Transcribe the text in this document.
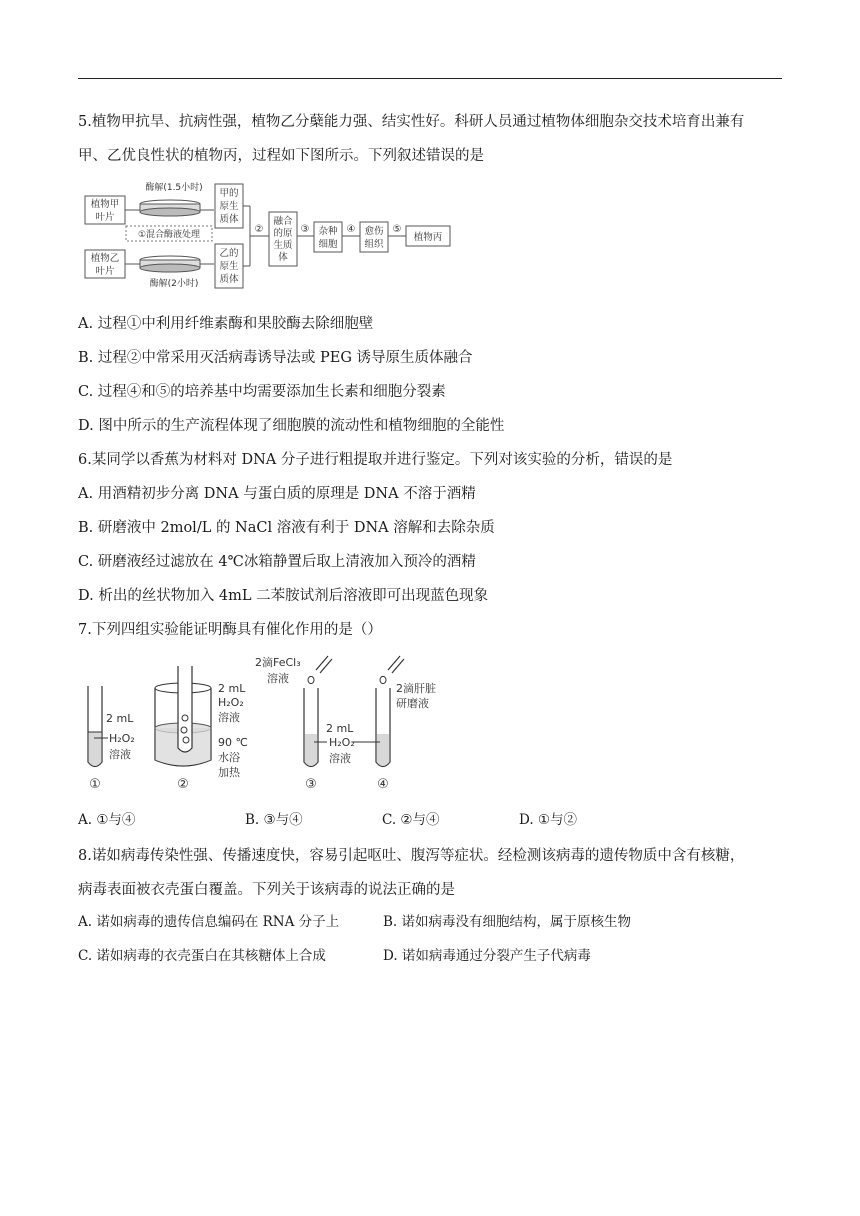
5.植物甲抗旱、抗病性强，植物乙分蘖能力强、结实性好。科研人员通过植物体细胞杂交技术培育出兼有
甲、乙优良性状的植物丙，过程如下图所示。下列叙述错误的是
植物甲
叶片
酶解(1.5小时) 甲的
原生
质体
①混合酶液处理
植物乙
叶片
酶解(2小时)
乙的
原生
质体
②
融合
的原
生质
体
③ 杂种
细胞
④ 愈伤
组织
⑤
植物丙
A. 过程①中利用纤维素酶和果胶酶去除细胞壁
B. 过程②中常采用灭活病毒诱导法或 PEG 诱导原生质体融合
C. 过程④和⑤的培养基中均需要添加生长素和细胞分裂素
D. 图中所示的生产流程体现了细胞膜的流动性和植物细胞的全能性
6.某同学以香蕉为材料对 DNA 分子进行粗提取并进行鉴定。下列对该实验的分析，错误的是
A. 用酒精初步分离 DNA 与蛋白质的原理是 DNA 不溶于酒精
B. 研磨液中 2mol/L 的 NaCl 溶液有利于 DNA 溶解和去除杂质
C. 研磨液经过滤放在 4℃冰箱静置后取上清液加入预冷的酒精
D. 析出的丝状物加入 4mL 二苯胺试剂后溶液即可出现蓝色现象
7.下列四组实验能证明酶具有催化作用的是（）
2 mL
H₂O₂
溶液
①
2 mL
H₂O₂
溶液
90 ℃
水浴
加热
②
2滴FeCl₃
溶液
2 mL
H₂O₂
溶液
③
2滴肝脏
研磨液
④
A. ①与④	B. ③与④	C. ②与④	D. ①与②
8.诺如病毒传染性强、传播速度快，容易引起呕吐、腹泻等症状。经检测该病毒的遗传物质中含有核糖，
病毒表面被衣壳蛋白覆盖。下列关于该病毒的说法正确的是
A. 诺如病毒的遗传信息编码在 RNA 分子上	B. 诺如病毒没有细胞结构，属于原核生物
C. 诺如病毒的衣壳蛋白在其核糖体上合成	D. 诺如病毒通过分裂产生子代病毒
